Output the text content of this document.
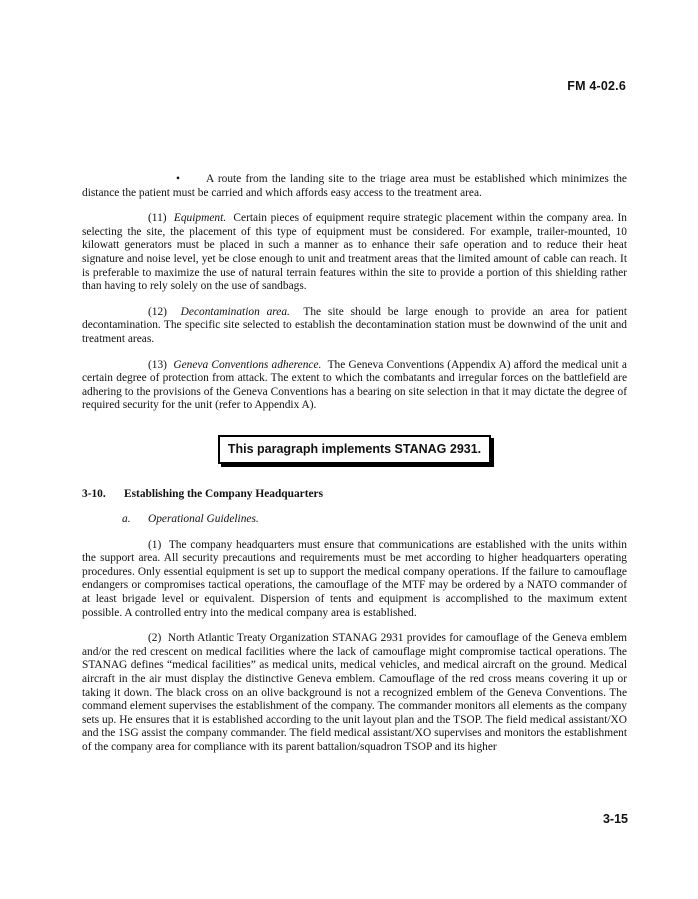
FM 4-02.6

• A route from the landing site to the triage area must be established which minimizes the distance the patient must be carried and which affords easy access to the treatment area.

(11) Equipment. Certain pieces of equipment require strategic placement within the company area. In selecting the site, the placement of this type of equipment must be considered. For example, trailer-mounted, 10 kilowatt generators must be placed in such a manner as to enhance their safe operation and to reduce their heat signature and noise level, yet be close enough to unit and treatment areas that the limited amount of cable can reach. It is preferable to maximize the use of natural terrain features within the site to provide a portion of this shielding rather than having to rely solely on the use of sandbags.

(12) Decontamination area. The site should be large enough to provide an area for patient decontamination. The specific site selected to establish the decontamination station must be downwind of the unit and treatment areas.

(13) Geneva Conventions adherence. The Geneva Conventions (Appendix A) afford the medical unit a certain degree of protection from attack. The extent to which the combatants and irregular forces on the battlefield are adhering to the provisions of the Geneva Conventions has a bearing on site selection in that it may dictate the degree of required security for the unit (refer to Appendix A).

This paragraph implements STANAG 2931.
3-10. Establishing the Company Headquarters
a. Operational Guidelines.

(1) The company headquarters must ensure that communications are established with the units within the support area. All security precautions and requirements must be met according to higher headquarters operating procedures. Only essential equipment is set up to support the medical company operations. If the failure to camouflage endangers or compromises tactical operations, the camouflage of the MTF may be ordered by a NATO commander of at least brigade level or equivalent. Dispersion of tents and equipment is accomplished to the maximum extent possible. A controlled entry into the medical company area is established.

(2) North Atlantic Treaty Organization STANAG 2931 provides for camouflage of the Geneva emblem and/or the red crescent on medical facilities where the lack of camouflage might compromise tactical operations. The STANAG defines “medical facilities” as medical units, medical vehicles, and medical aircraft on the ground. Medical aircraft in the air must display the distinctive Geneva emblem. Camouflage of the red cross means covering it up or taking it down. The black cross on an olive background is not a recognized emblem of the Geneva Conventions. The command element supervises the establishment of the company. The commander monitors all elements as the company sets up. He ensures that it is established according to the unit layout plan and the TSOP. The field medical assistant/XO and the 1SG assist the company commander. The field medical assistant/XO supervises and monitors the establishment of the company area for compliance with its parent battalion/squadron TSOP and its higher

3-15
